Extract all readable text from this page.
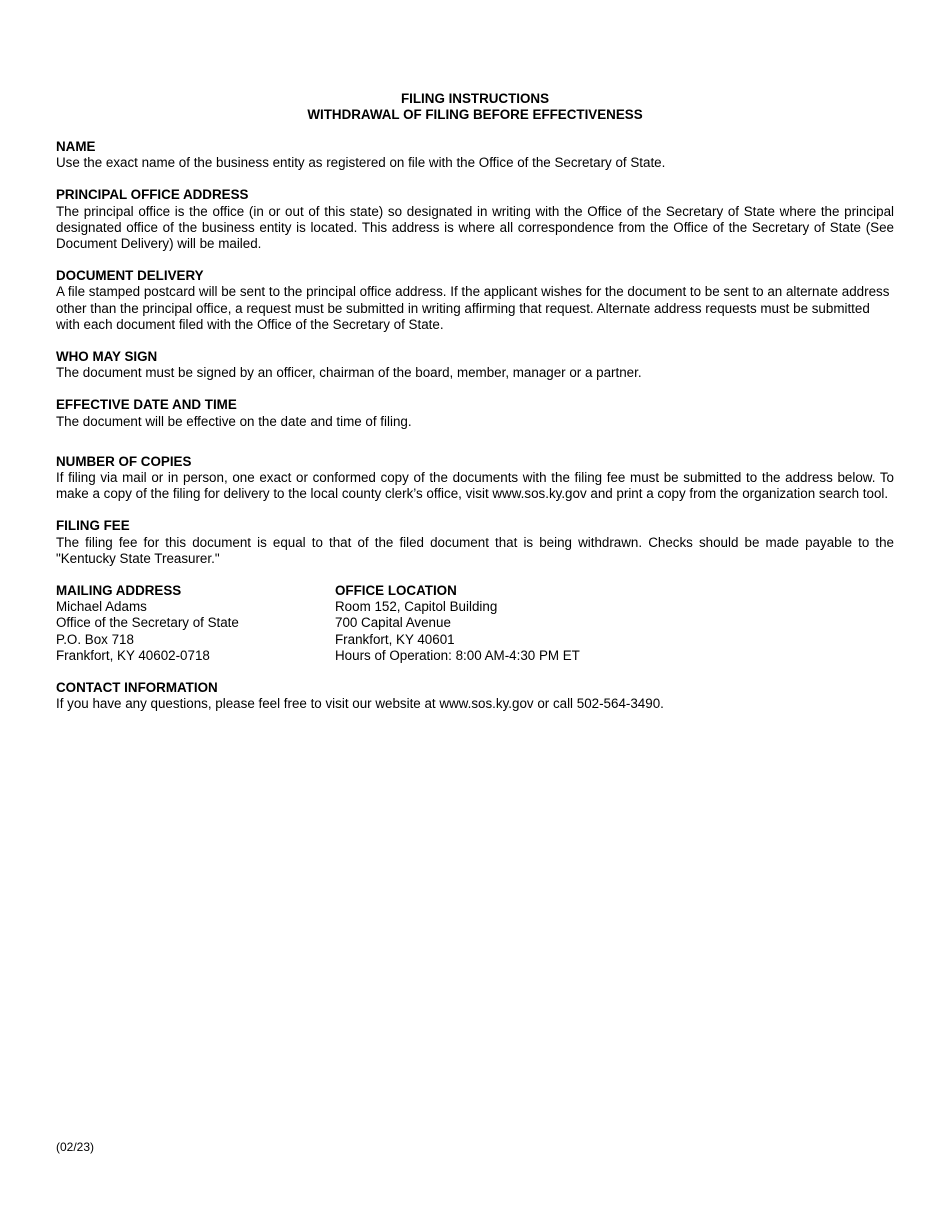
FILING INSTRUCTIONS
WITHDRAWAL OF FILING BEFORE EFFECTIVENESS
NAME
Use the exact name of the business entity as registered on file with the Office of the Secretary of State.
PRINCIPAL OFFICE ADDRESS
The principal office is the office (in or out of this state) so designated in writing with the Office of the Secretary of State where the principal designated office of the business entity is located. This address is where all correspondence from the Office of the Secretary of State (See Document Delivery) will be mailed.
DOCUMENT DELIVERY
A file stamped postcard will be sent to the principal office address. If the applicant wishes for the document to be sent to an alternate address other than the principal office, a request must be submitted in writing affirming that request. Alternate address requests must be submitted with each document filed with the Office of the Secretary of State.
WHO MAY SIGN
The document must be signed by an officer, chairman of the board, member, manager or a partner.
EFFECTIVE DATE AND TIME
The document will be effective on the date and time of filing.
NUMBER OF COPIES
If filing via mail or in person, one exact or conformed copy of the documents with the filing fee must be submitted to the address below. To make a copy of the filing for delivery to the local county clerk’s office, visit www.sos.ky.gov and print a copy from the organization search tool.
FILING FEE
The filing fee for this document is equal to that of the filed document that is being withdrawn. Checks should be made payable to the "Kentucky State Treasurer."
MAILING ADDRESS
Michael Adams
Office of the Secretary of State
P.O. Box 718
Frankfort, KY 40602-0718
OFFICE LOCATION
Room 152, Capitol Building
700 Capital Avenue
Frankfort, KY 40601
Hours of Operation: 8:00 AM-4:30 PM ET
CONTACT INFORMATION
If you have any questions, please feel free to visit our website at www.sos.ky.gov or call 502-564-3490.
(02/23)
